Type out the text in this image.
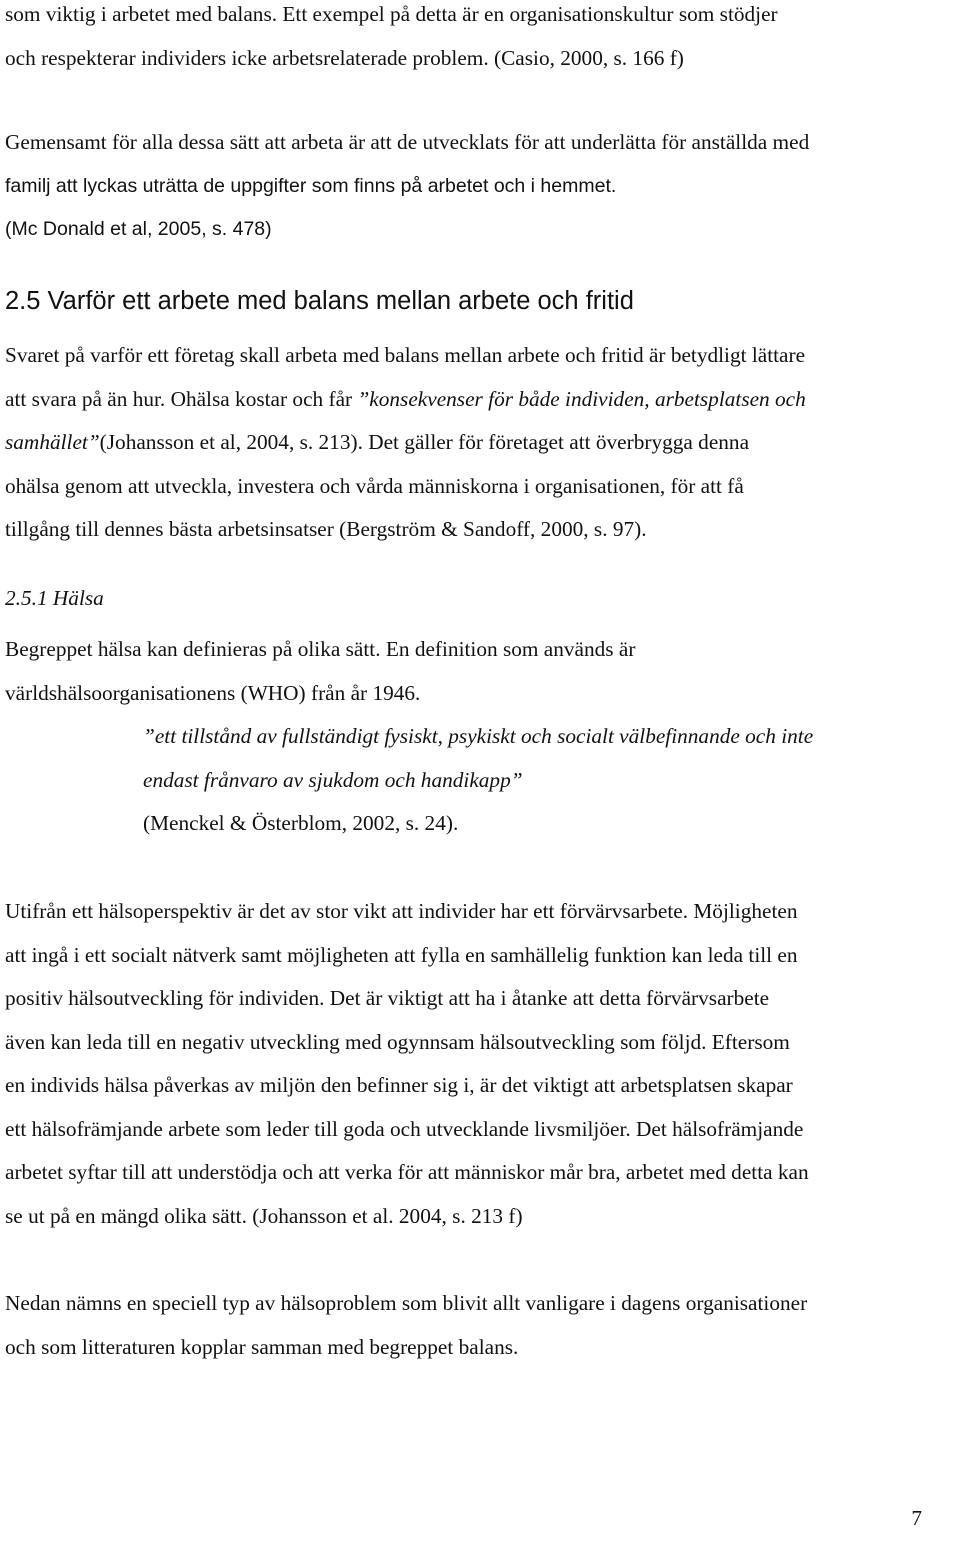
som viktig i arbetet med balans. Ett exempel på detta är en organisationskultur som stödjer
och respekterar individers icke arbetsrelaterade problem. (Casio, 2000, s. 166 f)
Gemensamt för alla dessa sätt att arbeta är att de utvecklats för att underlätta för anställda med
familj att lyckas uträtta de uppgifter som finns på arbetet och i hemmet.
(Mc Donald et al, 2005, s. 478)
2.5 Varför ett arbete med balans mellan arbete och fritid
Svaret på varför ett företag skall arbeta med balans mellan arbete och fritid är betydligt lättare
att svara på än hur. Ohälsa kostar och får ”konsekvenser för både individen, arbetsplatsen och
samhället”(Johansson et al, 2004, s. 213). Det gäller för företaget att överbrygga denna
ohälsa genom att utveckla, investera och vårda människorna i organisationen, för att få
tillgång till dennes bästa arbetsinsatser (Bergström & Sandoff, 2000, s. 97).
2.5.1 Hälsa
Begreppet hälsa kan definieras på olika sätt. En definition som används är
världshälsoorganisationens (WHO) från år 1946.
”ett tillstånd av fullständigt fysiskt, psykiskt och socialt välbefinnande och inte
endast frånvaro av sjukdom och handikapp”
(Menckel & Österblom, 2002, s. 24).
Utifrån ett hälsoperspektiv är det av stor vikt att individer har ett förvärvsarbete. Möjligheten
att ingå i ett socialt nätverk samt möjligheten att fylla en samhällelig funktion kan leda till en
positiv hälsoutveckling för individen. Det är viktigt att ha i åtanke att detta förvärvsarbete
även kan leda till en negativ utveckling med ogynnsam hälsoutveckling som följd. Eftersom
en individs hälsa påverkas av miljön den befinner sig i, är det viktigt att arbetsplatsen skapar
ett hälsofrämjande arbete som leder till goda och utvecklande livsmiljöer. Det hälsofrämjande
arbetet syftar till att understödja och att verka för att människor mår bra, arbetet med detta kan
se ut på en mängd olika sätt. (Johansson et al. 2004, s. 213 f)
Nedan nämns en speciell typ av hälsoproblem som blivit allt vanligare i dagens organisationer
och som litteraturen kopplar samman med begreppet balans.
7
